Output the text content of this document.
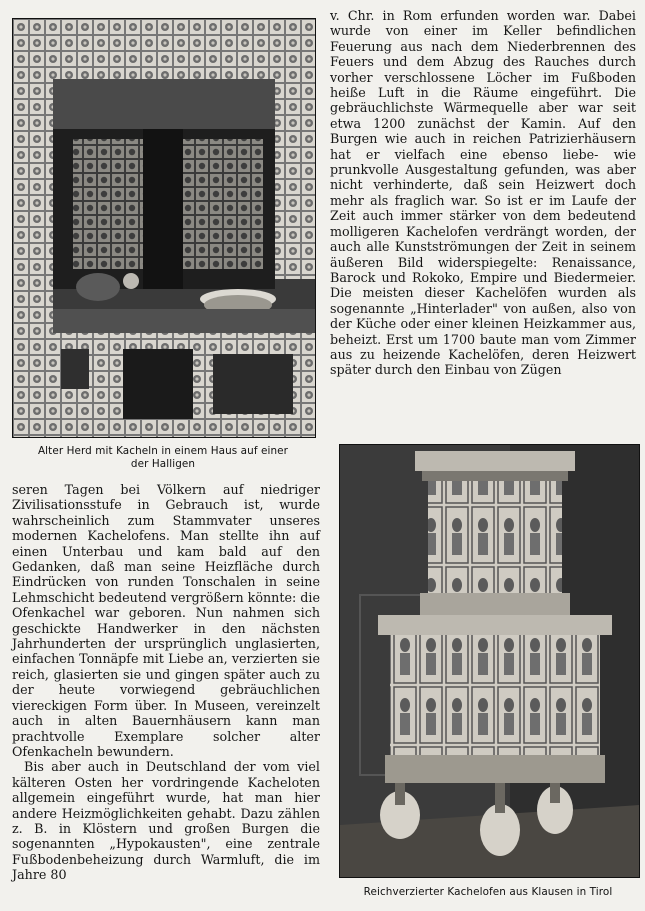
Alter Herd mit Kacheln in einem Haus auf einer
der Halligen

v. Chr. in Rom erfunden worden war. Dabei wurde von einer im Keller befindlichen Feuerung aus nach dem Niederbrennen des Feuers und dem Abzug des Rauches durch vorher verschlossene Löcher im Fußboden heiße Luft in die Räume eingeführt. Die gebräuchlichste Wärmequelle aber war seit etwa 1200 zunächst der Kamin. Auf den Burgen wie auch in reichen Patrizierhäusern hat er vielfach eine ebenso liebe- wie prunkvolle Ausgestaltung gefunden, was aber nicht verhinderte, daß sein Heizwert doch mehr als fraglich war. So ist er im Laufe der Zeit auch immer stärker von dem bedeutend molligeren Kachelofen verdrängt worden, der auch alle Kunstströmungen der Zeit in seinem äußeren Bild widerspiegelte: Renaissance, Barock und Rokoko, Empire und Biedermeier. Die meisten dieser Kachelöfen wurden als sogenannte „Hinterlader" von außen, also von der Küche oder einer kleinen Heizkammer aus, beheizt. Erst um 1700 baute man vom Zimmer aus zu heizende Kachelöfen, deren Heizwert später durch den Einbau von Zügen

Reichverzierter Kachelofen aus Klausen in Tirol

seren Tagen bei Völkern auf niedriger Zivilisationsstufe in Gebrauch ist, wurde wahrscheinlich zum Stammvater unseres modernen Kachelofens. Man stellte ihn auf einen Unterbau und kam bald auf den Gedanken, daß man seine Heizfläche durch Eindrücken von runden Tonschalen in seine Lehmschicht bedeutend vergrößern könnte: die Ofenkachel war geboren. Nun nahmen sich geschickte Handwerker in den nächsten Jahrhunderten der ursprünglich unglasierten, einfachen Tonnäpfe mit Liebe an, verzierten sie reich, glasierten sie und gingen später auch zu der heute vorwiegend gebräuchlichen viereckigen Form über. In Museen, vereinzelt auch in alten Bauernhäusern kann man prachtvolle Exemplare solcher alter Ofenkacheln bewundern.

Bis aber auch in Deutschland der vom viel kälteren Osten her vordringende Kacheloten allgemein eingeführt wurde, hat man hier andere Heizmöglichkeiten gehabt. Dazu zählen z. B. in Klöstern und großen Burgen die sogenannten „Hypokausten", eine zentrale Fußbodenbeheizung durch Warmluft, die im Jahre 80
